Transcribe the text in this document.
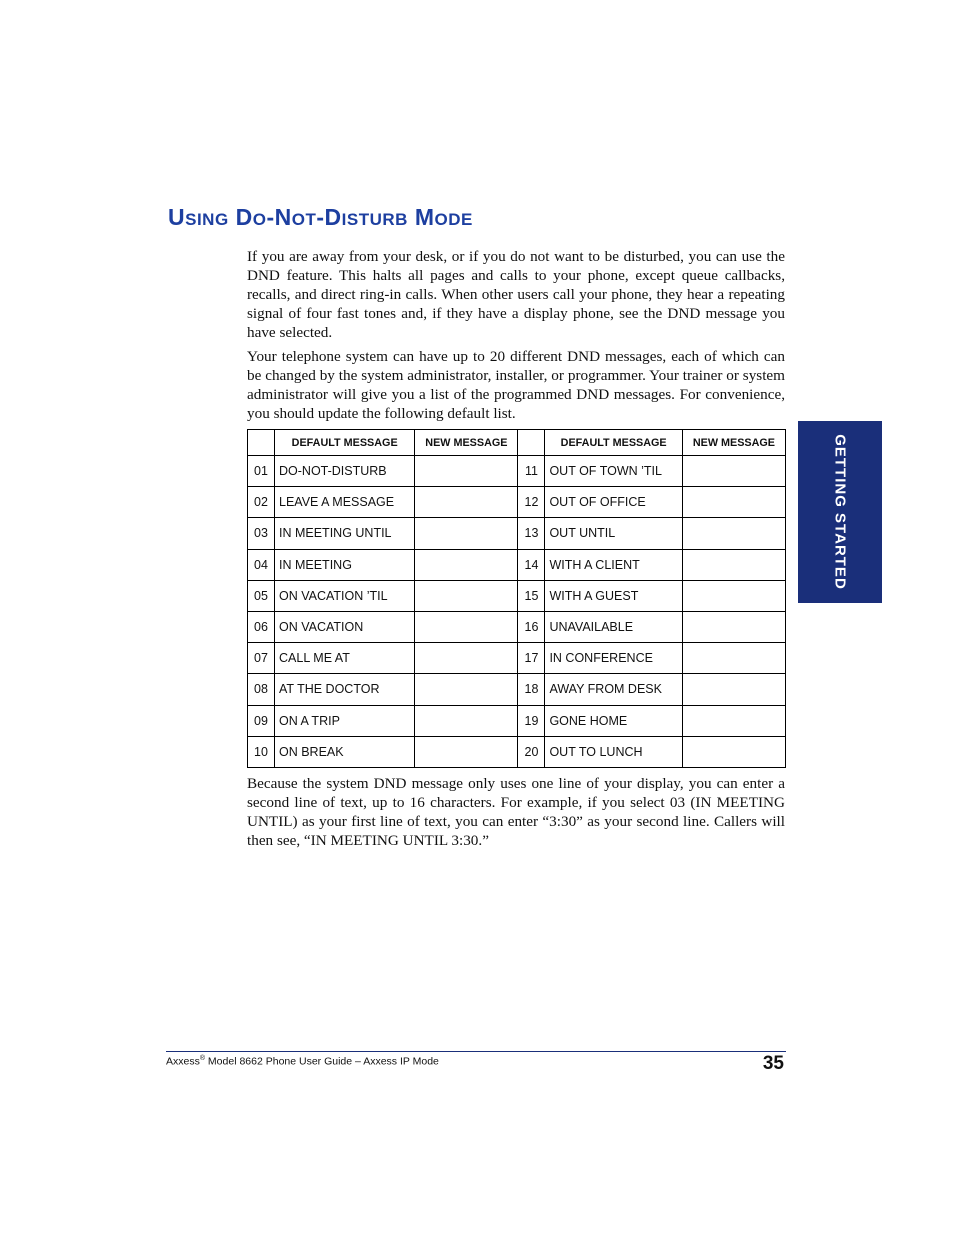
USING DO-NOT-DISTURB MODE

If you are away from your desk, or if you do not want to be disturbed, you can use the DND feature. This halts all pages and calls to your phone, except queue callbacks, recalls, and direct ring-in calls. When other users call your phone, they hear a repeating signal of four fast tones and, if they have a display phone, see the DND message you have selected.

Your telephone system can have up to 20 different DND messages, each of which can be changed by the system administrator, installer, or programmer. Your trainer or system administrator will give you a list of the programmed DND messages. For convenience, you should update the following default list.

	DEFAULT MESSAGE	NEW MESSAGE		DEFAULT MESSAGE	NEW MESSAGE
01	DO-NOT-DISTURB		11	OUT OF TOWN ’TIL	
02	LEAVE A MESSAGE		12	OUT OF OFFICE	
03	IN MEETING UNTIL		13	OUT UNTIL	
04	IN MEETING		14	WITH A CLIENT	
05	ON VACATION ’TIL		15	WITH A GUEST	
06	ON VACATION		16	UNAVAILABLE	
07	CALL ME AT		17	IN CONFERENCE	
08	AT THE DOCTOR		18	AWAY FROM DESK	
09	ON A TRIP		19	GONE HOME	
10	ON BREAK		20	OUT TO LUNCH	

Because the system DND message only uses one line of your display, you can enter a second line of text, up to 16 characters. For example, if you select 03 (IN MEETING UNTIL) as your first line of text, you can enter “3:30” as your second line. Callers will then see, “IN MEETING UNTIL 3:30.”

GETTING STARTED
Axxess® Model 8662 Phone User Guide – Axxess IP Mode	35
